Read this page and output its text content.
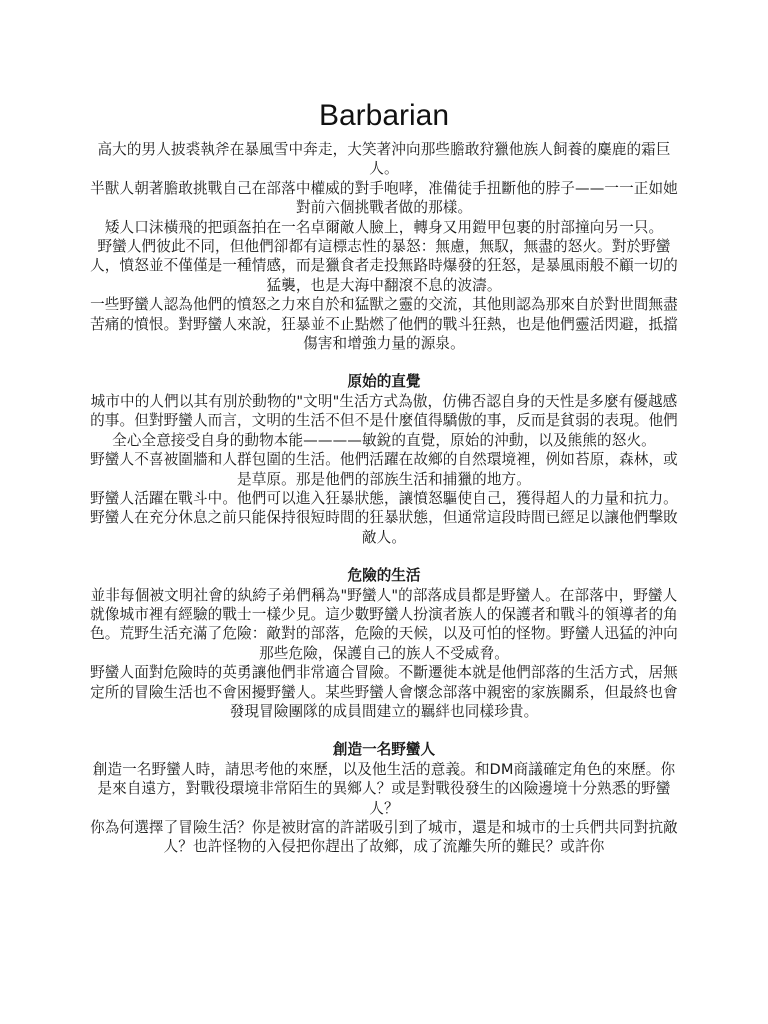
Barbarian

高大的男人披裘執斧在暴風雪中奔走，大笑著沖向那些膽敢狩獵他族人飼養的麋鹿的霜巨人。

半獸人朝著膽敢挑戰自己在部落中權威的對手咆哮，准備徒手扭斷他的脖子——一一正如她對前六個挑戰者做的那樣。

矮人口沫橫飛的把頭盔拍在一名卓爾敵人臉上，轉身又用鎧甲包裹的肘部撞向另一只。

野蠻人們彼此不同，但他們卻都有這標志性的暴怒：無慮，無馭，無盡的怒火。對於野蠻人，憤怒並不僅僅是一種情感，而是獵食者走投無路時爆發的狂怒，是暴風雨般不顧一切的猛襲，也是大海中翻滾不息的波濤。

一些野蠻人認為他們的憤怒之力來自於和猛獸之靈的交流，其他則認為那來自於對世間無盡苦痛的憤恨。對野蠻人來說，狂暴並不止點燃了他們的戰斗狂熱，也是他們靈活閃避，抵擋傷害和增強力量的源泉。

原始的直覺

城市中的人們以其有別於動物的"文明"生活方式為傲，仿佛否認自身的天性是多麼有優越感的事。但對野蠻人而言，文明的生活不但不是什麼值得驕傲的事，反而是貧弱的表現。他們全心全意接受自身的動物本能————敏銳的直覺，原始的沖動，以及熊熊的怒火。

野蠻人不喜被圍牆和人群包圍的生活。他們活躍在故鄉的自然環境裡，例如苔原，森林，或是草原。那是他們的部族生活和捕獵的地方。

野蠻人活躍在戰斗中。他們可以進入狂暴狀態，讓憤怒驅使自己，獲得超人的力量和抗力。野蠻人在充分休息之前只能保持很短時間的狂暴狀態，但通常這段時間已經足以讓他們擊敗敵人。

危險的生活

並非每個被文明社會的紈絝子弟們稱為"野蠻人"的部落成員都是野蠻人。在部落中，野蠻人就像城市裡有經驗的戰士一樣少見。這少數野蠻人扮演者族人的保護者和戰斗的領導者的角色。荒野生活充滿了危險：敵對的部落，危險的天候，以及可怕的怪物。野蠻人迅猛的沖向那些危險，保護自己的族人不受威脅。

野蠻人面對危險時的英勇讓他們非常適合冒險。不斷遷徙本就是他們部落的生活方式，居無定所的冒險生活也不會困擾野蠻人。某些野蠻人會懷念部落中親密的家族關系，但最終也會發現冒險團隊的成員間建立的羈絆也同樣珍貴。

創造一名野蠻人

創造一名野蠻人時，請思考他的來歷，以及他生活的意義。和DM商議確定角色的來歷。你是來自遠方，對戰役環境非常陌生的異鄉人？或是對戰役發生的凶險邊境十分熟悉的野蠻人？

你為何選擇了冒險生活？你是被財富的許諾吸引到了城市，還是和城市的士兵們共同對抗敵人？也許怪物的入侵把你趕出了故鄉，成了流離失所的難民？或許你
